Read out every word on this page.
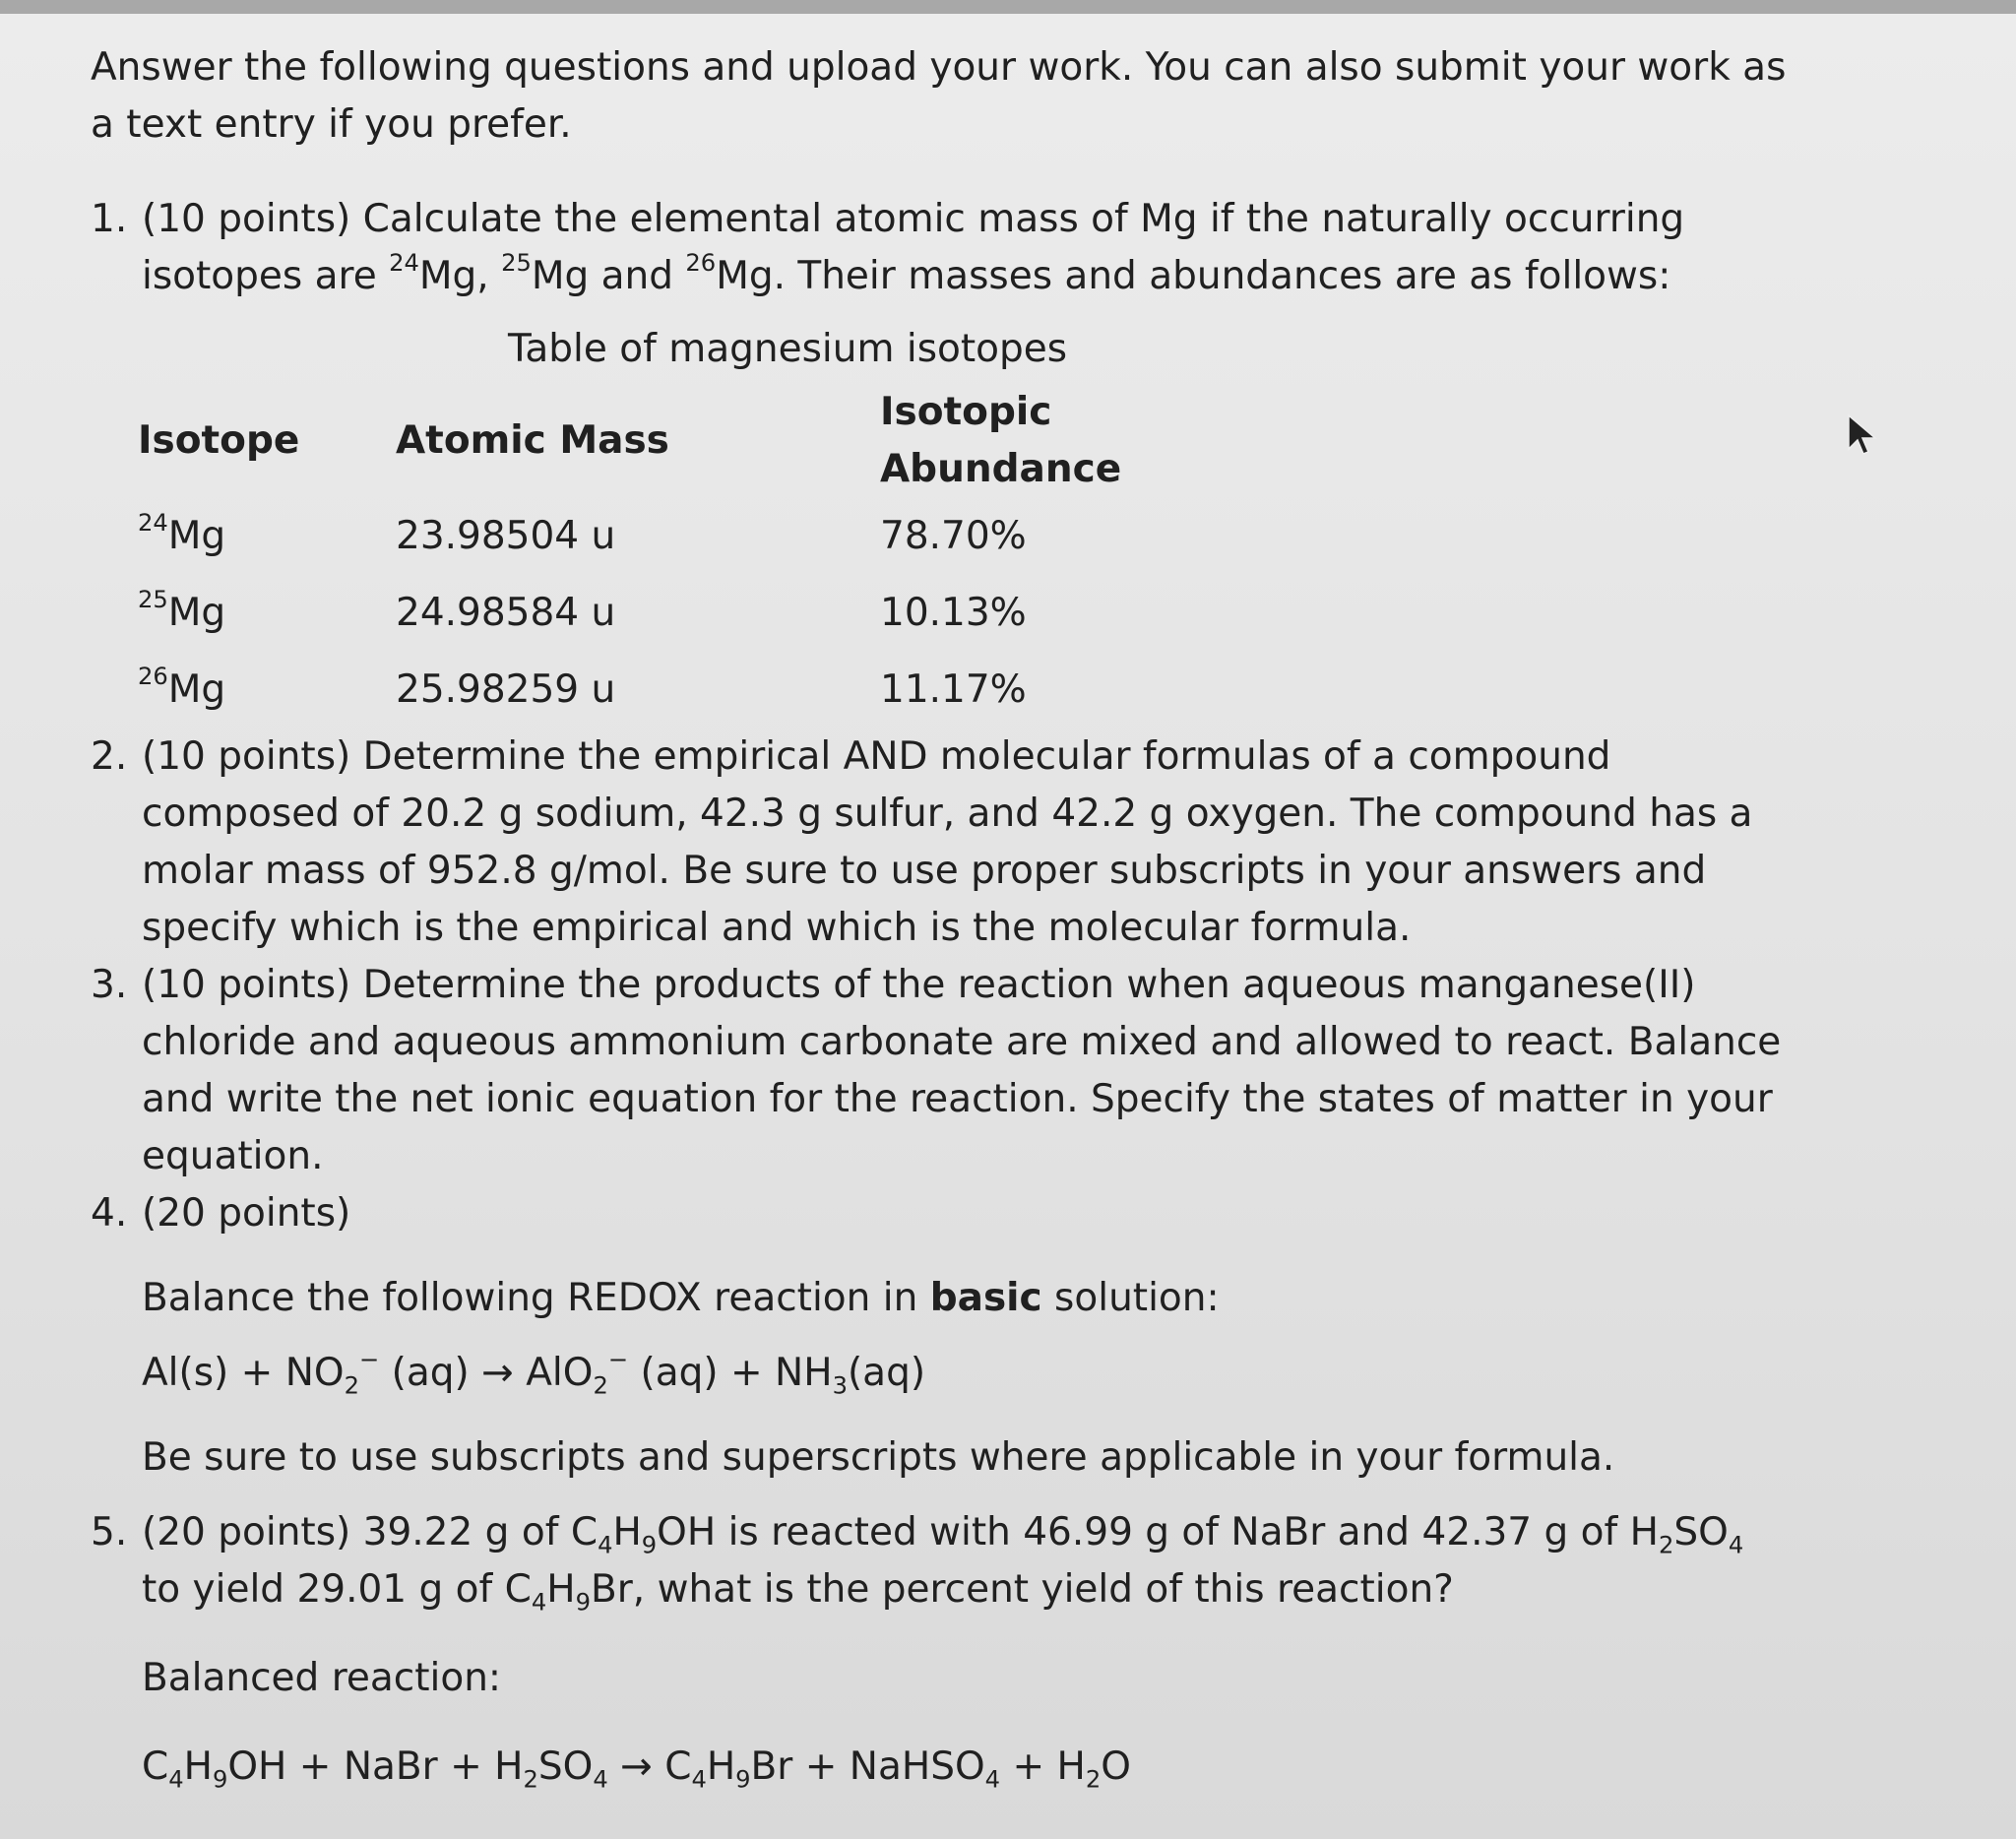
Answer the following questions and upload your work. You can also submit your work as a text entry if you prefer.

1. (10 points) Calculate the elemental atomic mass of Mg if the naturally occurring isotopes are $^{24}$Mg, $^{25}$Mg and $^{26}$Mg. Their masses and abundances are as follows:
Table of magnesium isotopes
Isotope	Atomic Mass	Isotopic Abundance
$^{24}$Mg	23.98504 u	78.70%
$^{25}$Mg	24.98584 u	10.13%
$^{26}$Mg	25.98259 u	11.17%
2. (10 points) Determine the empirical AND molecular formulas of a compound composed of 20.2 g sodium, 42.3 g sulfur, and 42.2 g oxygen. The compound has a molar mass of 952.8 g/mol. Be sure to use proper subscripts in your answers and specify which is the empirical and which is the molecular formula.
3. (10 points) Determine the products of the reaction when aqueous manganese(II) chloride and aqueous ammonium carbonate are mixed and allowed to react. Balance and write the net ionic equation for the reaction. Specify the states of matter in your equation.
4. (20 points)

Balance the following REDOX reaction in basic solution:

$Al(s) + NO_2^-$ (aq) → AlO$_2$− $(aq) + NH_3(aq)$

Be sure to use subscripts and superscripts where applicable in your formula.

5. (20 points) 39.22 g of $C_4H_9OH$ is reacted with 46.99 g of NaBr and 42.37 g of $H_2SO_4$ to yield 29.01 g of $C_4H_9Br$, what is the percent yield of this reaction?

Balanced reaction:

$C_4H_9OH$ + NaBr + $H_2SO_4 \to C_4H_9Br$ + NaHSO$_4$ + $H_2O$
